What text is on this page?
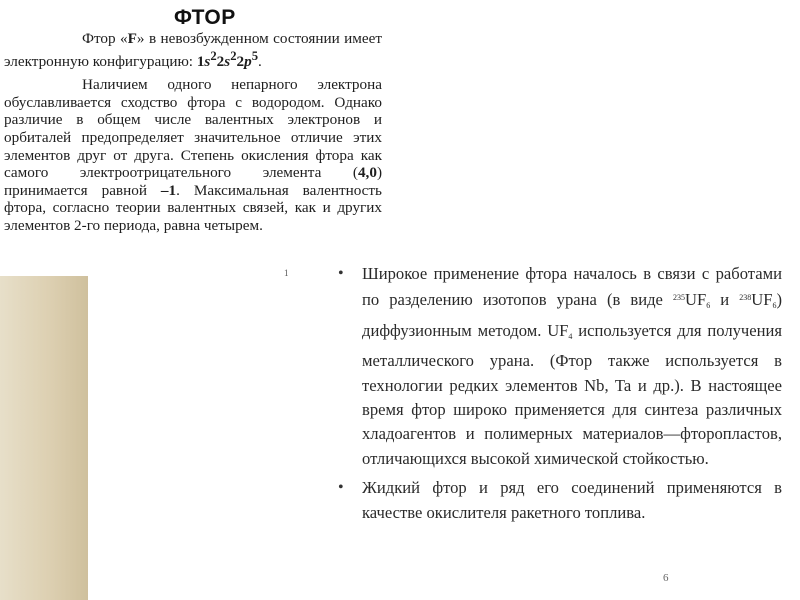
ФТОР

Фтор «F» в невозбужденном состоянии имеет электронную конфигурацию: $1s^22s^22p^5$.

Наличием одного непарного электрона обуславливается сходство фтора с водородом. Однако различие в общем числе валентных электронов и орбиталей предопределяет значительное отличие этих элементов друг от друга. Степень окисления фтора как самого электроотрицательного элемента (4,0) принимается равной –1. Максимальная валентность фтора, согласно теории валентных связей, как и других элементов 2-го периода, равна четырем.

1	• Широкое применение фтора началось в связи с работами по разделению изотопов урана (в виде $^{235}UF_6$ и $^{238}UF_6$) диффузионным методом. $UF_4$ используется для получения металлического урана. (Фтор также используется в технологии редких элементов Nb, Ta и др.). В настоящее время фтор широко применяется для синтеза различных хладоагентов и полимерных материалов—фторопластов, отличающихся высокой химической стойкостью.
• Жидкий фтор и ряд его соединений применяются в качестве окислителя ракетного топлива.
6
